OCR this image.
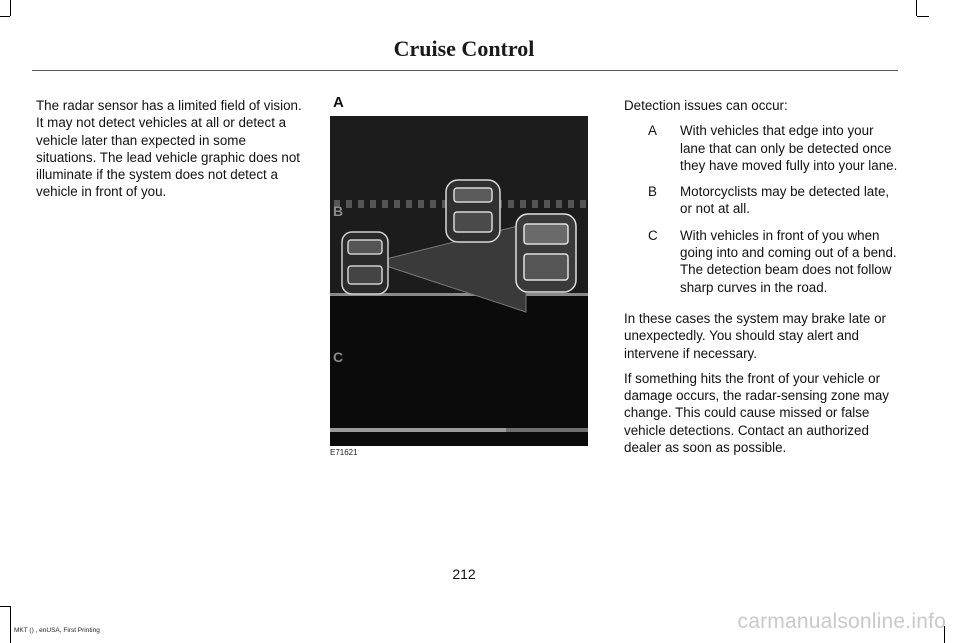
Cruise Control

The radar sensor has a limited field of vision. It may not detect vehicles at all or detect a vehicle later than expected in some situations. The lead vehicle graphic does not illuminate if the system does not detect a vehicle in front of you.

A
B
C
E71621

Detection issues can occur:

A	With vehicles that edge into your lane that can only be detected once they have moved fully into your lane.
B	Motorcyclists may be detected late, or not at all.
C	With vehicles in front of you when going into and coming out of a bend. The detection beam does not follow sharp curves in the road.

In these cases the system may brake late or unexpectedly. You should stay alert and intervene if necessary.

If something hits the front of your vehicle or damage occurs, the radar-sensing zone may change. This could cause missed or false vehicle detections. Contact an authorized dealer as soon as possible.

212
MKT () , enUSA, First Printing	carmanualsonline.info
